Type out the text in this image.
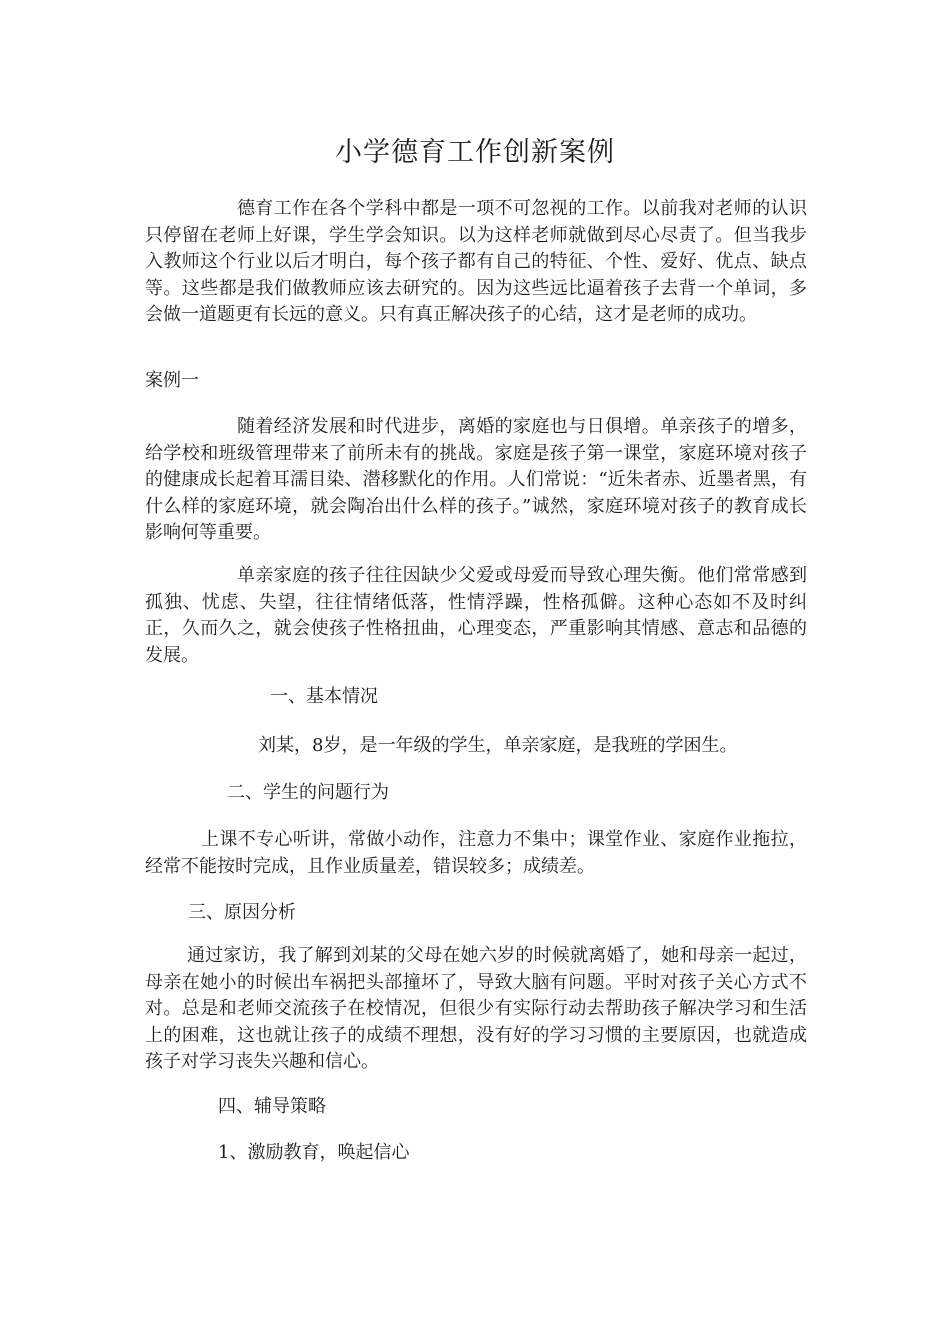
小学德育工作创新案例

德育工作在各个学科中都是一项不可忽视的工作。以前我对老师的认识只停留在老师上好课，学生学会知识。以为这样老师就做到尽心尽责了。但当我步入教师这个行业以后才明白，每个孩子都有自己的特征、个性、爱好、优点、缺点等。这些都是我们做教师应该去研究的。因为这些远比逼着孩子去背一个单词，多会做一道题更有长远的意义。只有真正解决孩子的心结，这才是老师的成功。

案例一

随着经济发展和时代进步，离婚的家庭也与日俱增。单亲孩子的增多，给学校和班级管理带来了前所未有的挑战。家庭是孩子第一课堂，家庭环境对孩子的健康成长起着耳濡目染、潜移默化的作用。人们常说：“近朱者赤、近墨者黑，有什么样的家庭环境，就会陶冶出什么样的孩子。”诚然，家庭环境对孩子的教育成长影响何等重要。

单亲家庭的孩子往往因缺少父爱或母爱而导致心理失衡。他们常常感到孤独、忧虑、失望，往往情绪低落，性情浮躁，性格孤僻。这种心态如不及时纠正，久而久之，就会使孩子性格扭曲，心理变态，严重影响其情感、意志和品德的发展。

一、基本情况

刘某，8岁，是一年级的学生，单亲家庭，是我班的学困生。

二、学生的问题行为

上课不专心听讲，常做小动作，注意力不集中；课堂作业、家庭作业拖拉，经常不能按时完成，且作业质量差，错误较多；成绩差。

三、原因分析

通过家访，我了解到刘某的父母在她六岁的时候就离婚了，她和母亲一起过，母亲在她小的时候出车祸把头部撞坏了，导致大脑有问题。平时对孩子关心方式不对。总是和老师交流孩子在校情况，但很少有实际行动去帮助孩子解决学习和生活上的困难，这也就让孩子的成绩不理想，没有好的学习习惯的主要原因，也就造成孩子对学习丧失兴趣和信心。

四、辅导策略

1、激励教育，唤起信心
